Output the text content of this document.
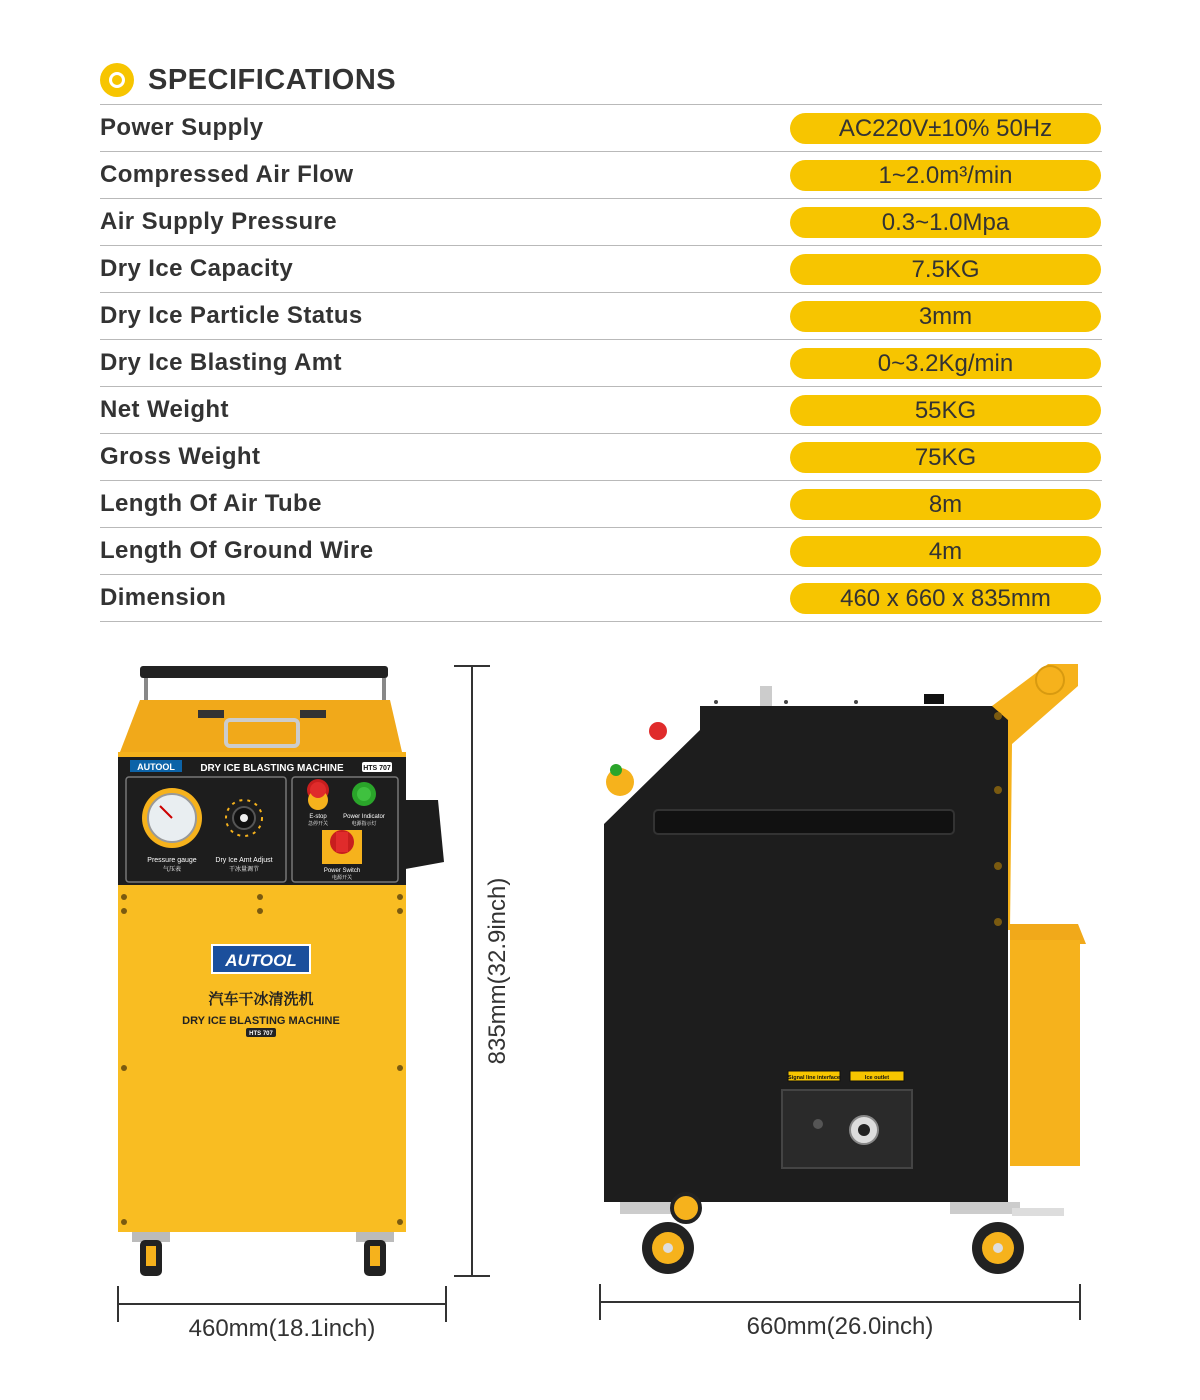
SPECIFICATIONS
Power Supply	AC220V±10% 50Hz
Compressed Air Flow	1~2.0m³/min
Air Supply Pressure	0.3~1.0Mpa
Dry Ice Capacity	7.5KG
Dry Ice Particle Status	3mm
Dry Ice Blasting Amt	0~3.2Kg/min
Net Weight	55KG
Gross Weight	75KG
Length Of Air Tube	8m
Length Of Ground Wire	4m
Dimension	460 x 660 x 835mm
AUTOOL	DRY ICE BLASTING MACHINE	HTS 707
Pressure gauge
气压表
Dry Ice Amt Adjust
干冰量调节
E-stop
急停开关
Power Indicator
电源指示灯
Power Switch
电源开关
AUTOOL
汽车干冰清洗机
DRY ICE BLASTING MACHINE
HTS 707	835mm(32.9inch)
460mm(18.1inch)
Signal line interface	Ice outlet
660mm(26.0inch)
